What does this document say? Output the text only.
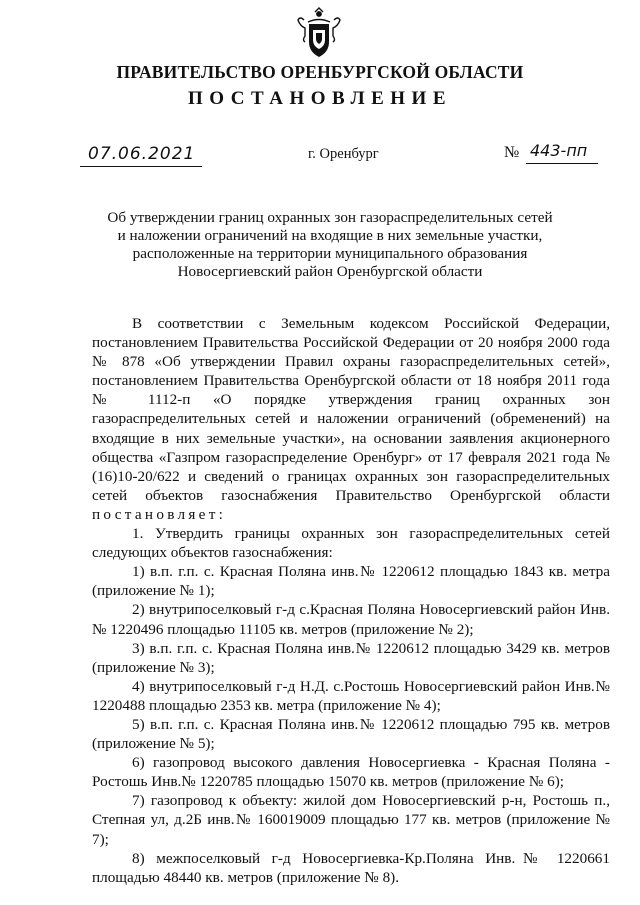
ПРАВИТЕЛЬСТВО ОРЕНБУРГСКОЙ ОБЛАСТИ
ПОСТАНОВЛЕНИЕ
07.06.2021	г. Оренбург	№ 443-пп
Об утверждении границ охранных зон газораспределительных сетей
и наложении ограничений на входящие в них земельные участки,
расположенные на территории муниципального образования
Новосергиевский район Оренбургской области

В соответствии с Земельным кодексом Российской Федерации, постановлением Правительства Российской Федерации от 20 ноября 2000 года № 878 «Об утверждении Правил охраны газораспределительных сетей», постановлением Правительства Оренбургской области от 18 ноября 2011 года № 1112-п «О порядке утверждения границ охранных зон газораспределительных сетей и наложении ограничений (обременений) на входящие в них земельные участки», на основании заявления акционерного общества «Газпром газораспределение Оренбург» от 17 февраля 2021 года № (16)10-20/622 и сведений о границах охранных зон газораспределительных сетей объектов газоснабжения Правительство Оренбургской области постановляет:

1. Утвердить границы охранных зон газораспределительных сетей следующих объектов газоснабжения:

1) в.п. г.п. с. Красная Поляна инв.№ 1220612 площадью 1843 кв. метра (приложение № 1);

2) внутрипоселковый г-д с.Красная Поляна Новосергиевский район Инв.№ 1220496 площадью 11105 кв. метров (приложение № 2);

3) в.п. г.п. с. Красная Поляна инв.№ 1220612 площадью 3429 кв. метров (приложение № 3);

4) внутрипоселковый г-д Н.Д. с.Ростошь Новосергиевский район Инв.№ 1220488 площадью 2353 кв. метра (приложение № 4);

5) в.п. г.п. с. Красная Поляна инв.№ 1220612 площадью 795 кв. метров (приложение № 5);

6) газопровод высокого давления Новосергиевка - Красная Поляна - Ростошь Инв.№ 1220785 площадью 15070 кв. метров (приложение № 6);

7) газопровод к объекту: жилой дом Новосергиевский р-н, Ростошь п., Степная ул, д.2Б инв.№ 160019009 площадью 177 кв. метров (приложение № 7);

8) межпоселковый г-д Новосергиевка-Кр.Поляна Инв.№ 1220661 площадью 48440 кв. метров (приложение № 8).
